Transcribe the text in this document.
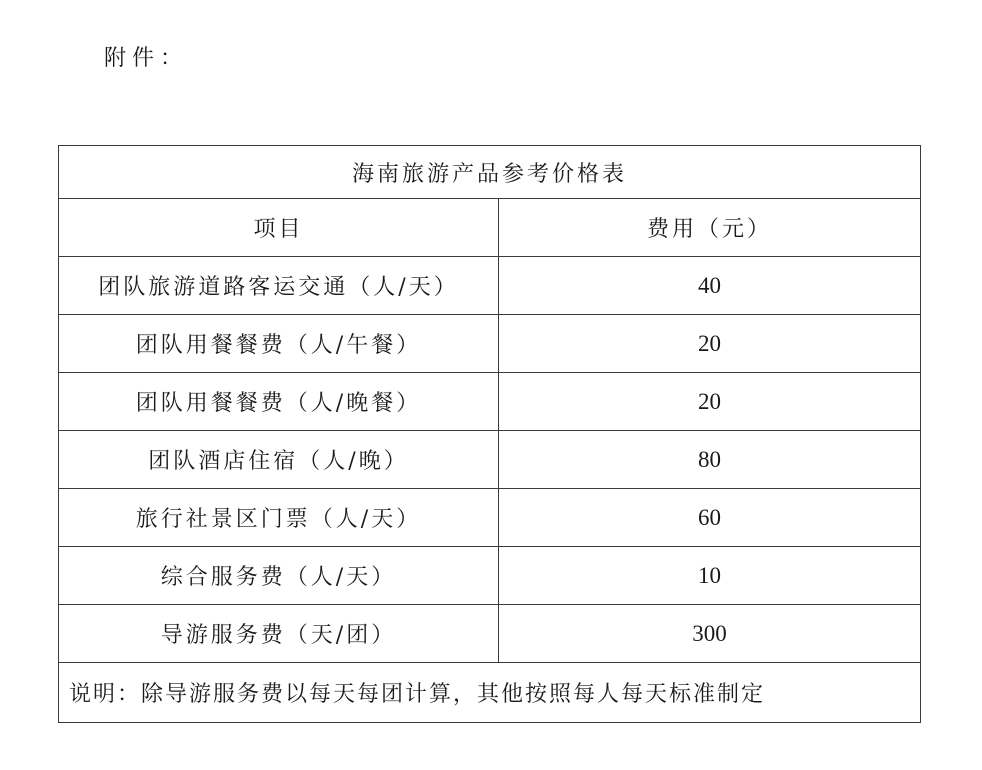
附件：
海南旅游产品参考价格表	
项目	费用（元）
团队旅游道路客运交通（人/天）	40
团队用餐餐费（人/午餐）	20
团队用餐餐费（人/晚餐）	20
团队酒店住宿（人/晚）	80
旅行社景区门票（人/天）	60
综合服务费（人/天）	10
导游服务费（天/团）	300
说明：除导游服务费以每天每团计算，其他按照每人每天标准制定	
